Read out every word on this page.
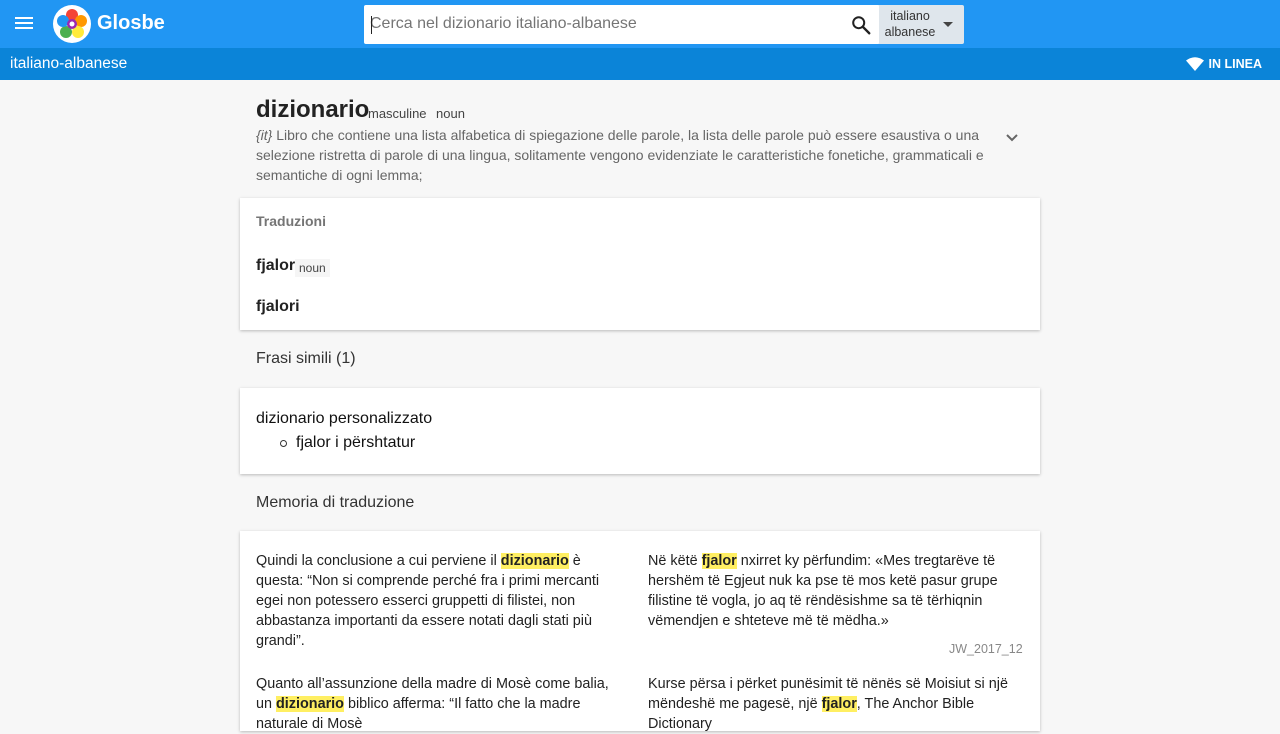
Glosbe
Cerca nel dizionario italiano-albanese	italiano
albanese
italiano-albanese	IN LINEA
dizionario
masculine noun
{it} Libro che contiene una lista alfabetica di spiegazione delle parole, la lista delle parole può essere esaustiva o una selezione ristretta di parole di una lingua, solitamente vengono evidenziate le caratteristiche fonetiche, grammaticali e semantiche di ogni lemma;
Traduzioni
fjalor noun
fjalori
Frasi simili (1)
dizionario personalizzato
fjalor i përshtatur
Memoria di traduzione
Quindi la conclusione a cui perviene il dizionario è questa: “Non si comprende perché fra i primi mercanti egei non potessero esserci gruppetti di filistei, non abbastanza importanti da essere notati dagli stati più grandi”.
Në këtë fjalor nxirret ky përfundim: «Mes tregtarëve të hershëm të Egjeut nuk ka pse të mos ketë pasur grupe filistine të vogla, jo aq të rëndësishme sa të tërhiqnin vëmendjen e shteteve më të mëdha.»
JW_2017_12
Quanto all’assunzione della madre di Mosè come balia, un dizionario biblico afferma: “Il fatto che la madre naturale di Mosè
Kurse përsa i përket punësimit të nënës së Moisiut si një mëndeshë me pagesë, një fjalor, The Anchor Bible Dictionary
